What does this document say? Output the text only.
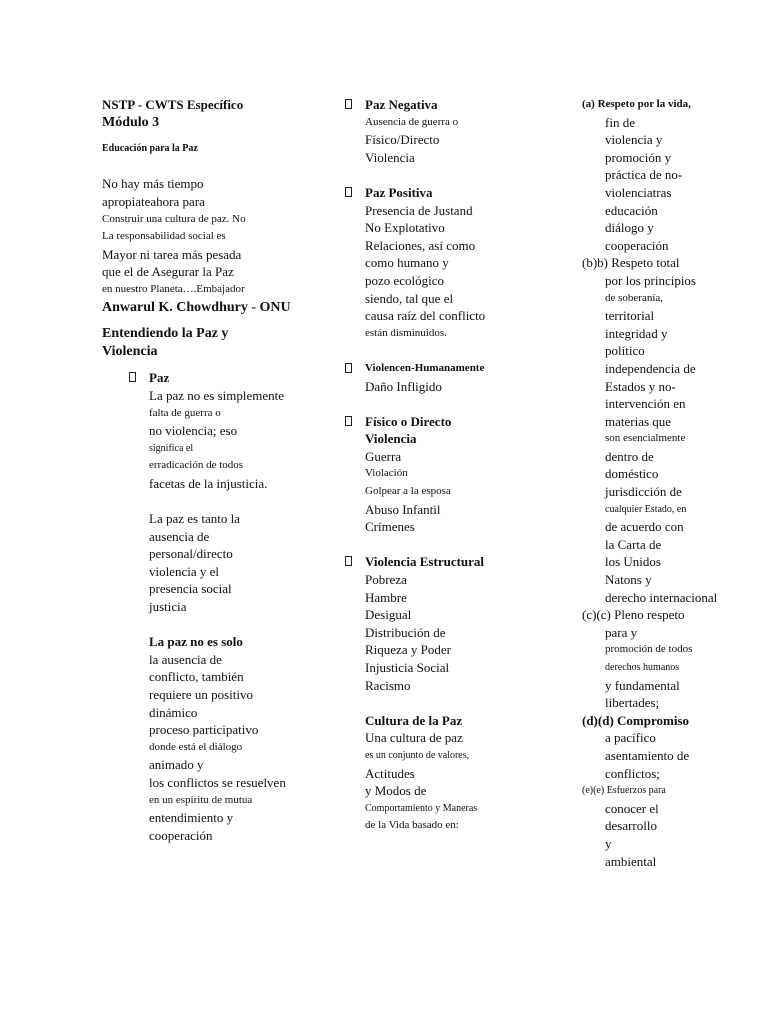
NSTP - CWTS Específico
Módulo 3
Educación para la Paz
No hay más tiempo
apropiateahora para
Construir una cultura de paz. No
La responsabilidad social es
Mayor ni tarea más pesada
que el de Asegurar la Paz
en nuestro Planeta….Embajador
Anwarul K. Chowdhury - ONU
Entendiendo la Paz y
Violencia
Paz
La paz no es simplemente
falta de guerra o
no violencia; eso
significa el
erradicación de todos
facetas de la injusticia.
La paz es tanto la
ausencia de
personal/directo
violencia y el
presencia social
justicia
La paz no es solo
la ausencia de
conflicto, también
requiere un positivo
dinámico
proceso participativo
donde está el diálogo
animado y
los conflictos se resuelven
en un espíritu de mutua
entendimiento y
cooperación
Paz Negativa
Ausencia de guerra o
Físico/Directo
Violencia
Paz Positiva
Presencia de Justand
No Explotativo
Relaciones, así como
como humano y
pozo ecológico
siendo, tal que el
causa raíz del conflicto
están disminuidos.
Violencen-Humanamente
Daño Infligido
Físico o Directo
Violencia
Guerra
Violación
Golpear a la esposa
Abuso Infantil
Crímenes
Violencia Estructural
Pobreza
Hambre
Desigual
Distribución de
Riqueza y Poder
Injusticia Social
Racismo
Cultura de la Paz
Una cultura de paz
es un conjunto de valores,
Actitudes
y Modos de
Comportamiento y Maneras
de la Vida basado en:
(a) Respeto por la vida,
fin de
violencia y
promoción y
práctica de no-
violenciatras
educación
diálogo y
cooperación
(b)b) Respeto total
por los principios
de soberanía,
territorial
integridad y
político
independencia de
Estados y no-
intervención en
materias que
son esencialmente
dentro de
doméstico
jurisdicción de
cualquier Estado, en
de acuerdo con
la Carta de
los Unidos
Natons y
derecho internacional
(c)(c) Pleno respeto
para y
promoción de todos
derechos humanos
y fundamental
libertades;
(d)(d) Compromiso
a pacífico
asentamiento de
conflictos;
(e)(e) Esfuerzos para
conocer el
desarrollo
y
ambiental
